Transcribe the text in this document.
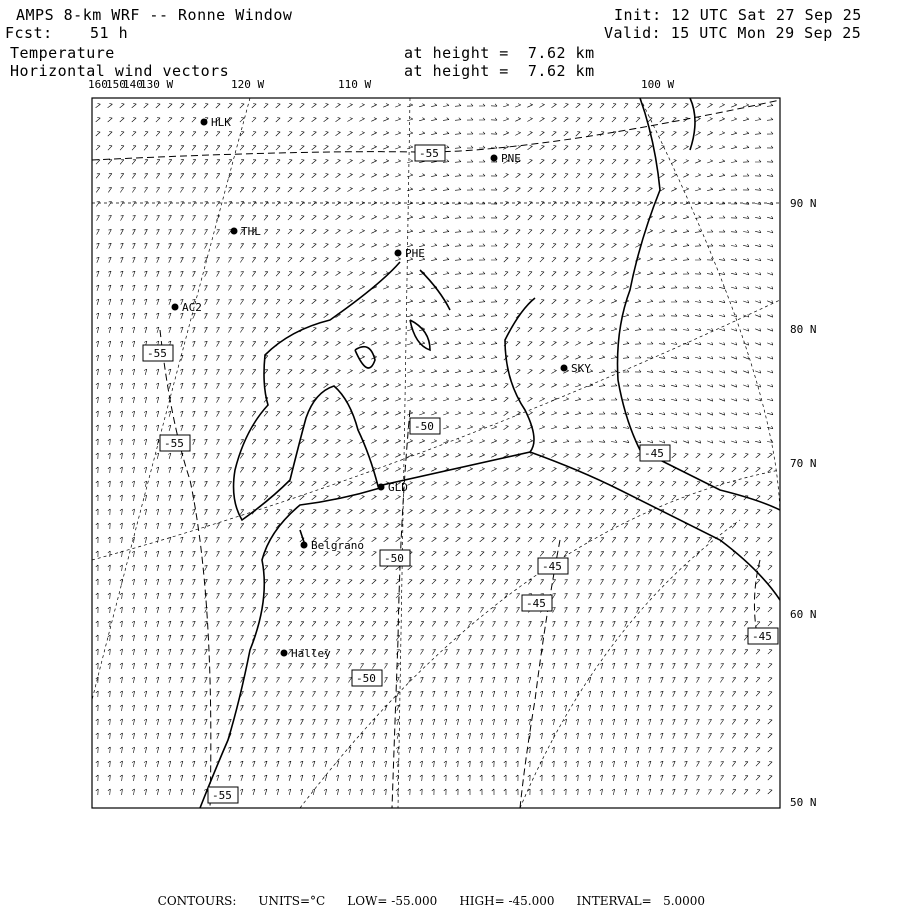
AMPS 8-km WRF -- Ronne Window	Init: 12 UTC Sat 27 Sep 25
Fcst: 51 h	Valid: 15 UTC Mon 29 Sep 25
Temperature	at height =  7.62 km
Horizontal wind vectors	at height =  7.62 km
160
150
140
130 W	120 W	110 W	100 W
90 N
80 N
70 N
60 N
50 N
HLK
PNE
THL
PHE
AC2
SKY
GLD
Belgrano
Halley
-55
-55
-55
-50
-50
-50
-45
-45
-45
-45
-55

CONTOURS: UNITS=°C LOW= -55.000 HIGH= -45.000 INTERVAL=   5.0000
